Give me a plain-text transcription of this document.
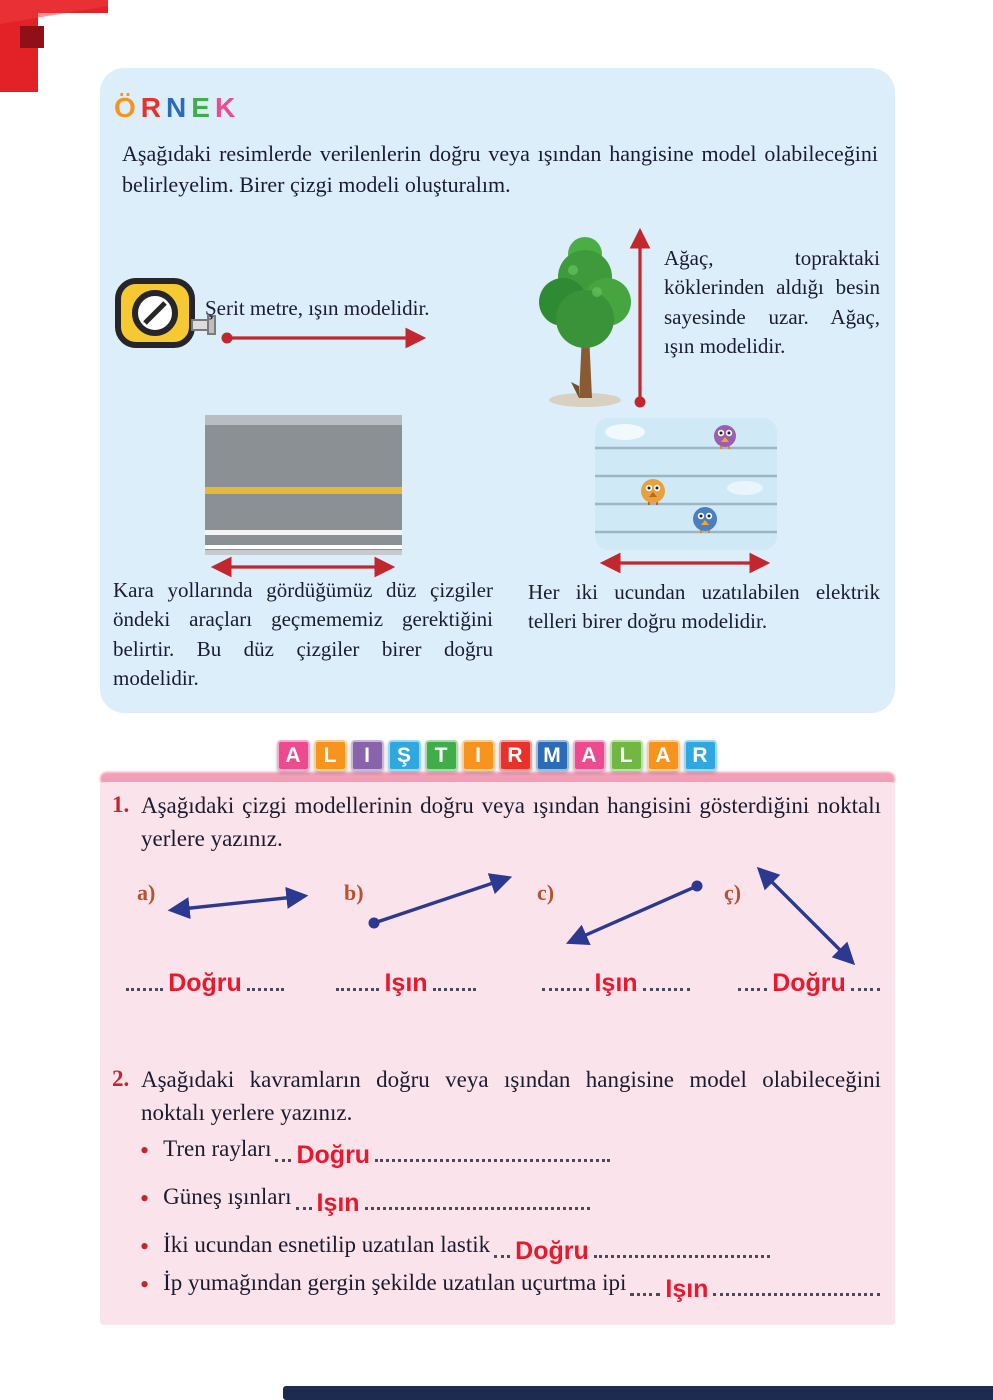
Ö R N E K

Aşağıdaki resimlerde verilenlerin doğru veya ışından hangisine model olabileceğini belirleyelim. Birer çizgi modeli oluşturalım.

Şerit metre, ışın modelidir.

Ağaç, topraktaki köklerinden aldığı besin sayesinde uzar. Ağaç, ışın modelidir.

Kara yollarında gördüğümüz düz çizgiler öndeki araçları geçmememiz gerektiğini belirtir. Bu düz çizgiler birer doğru modelidir.

Her iki ucundan uzatılabilen elektrik telleri birer doğru modelidir.

A	L	I	Ş	T	I	R M A	L	A	R
1. Aşağıdaki çizgi modellerinin doğru veya ışından hangisini gösterdiğini noktalı yerlere yazınız.

a)	b)	c)	ç)
Doğru	Işın	Işın	Doğru
2. Aşağıdaki kavramların doğru veya ışından hangisine model olabileceğini noktalı yerlere yazınız.

• Tren rayları Doğru
• Güneş ışınları Işın
• İki ucundan esnetilip uzatılan lastik Doğru
• İp yumağından gergin şekilde uzatılan uçurtma ipi Işın
